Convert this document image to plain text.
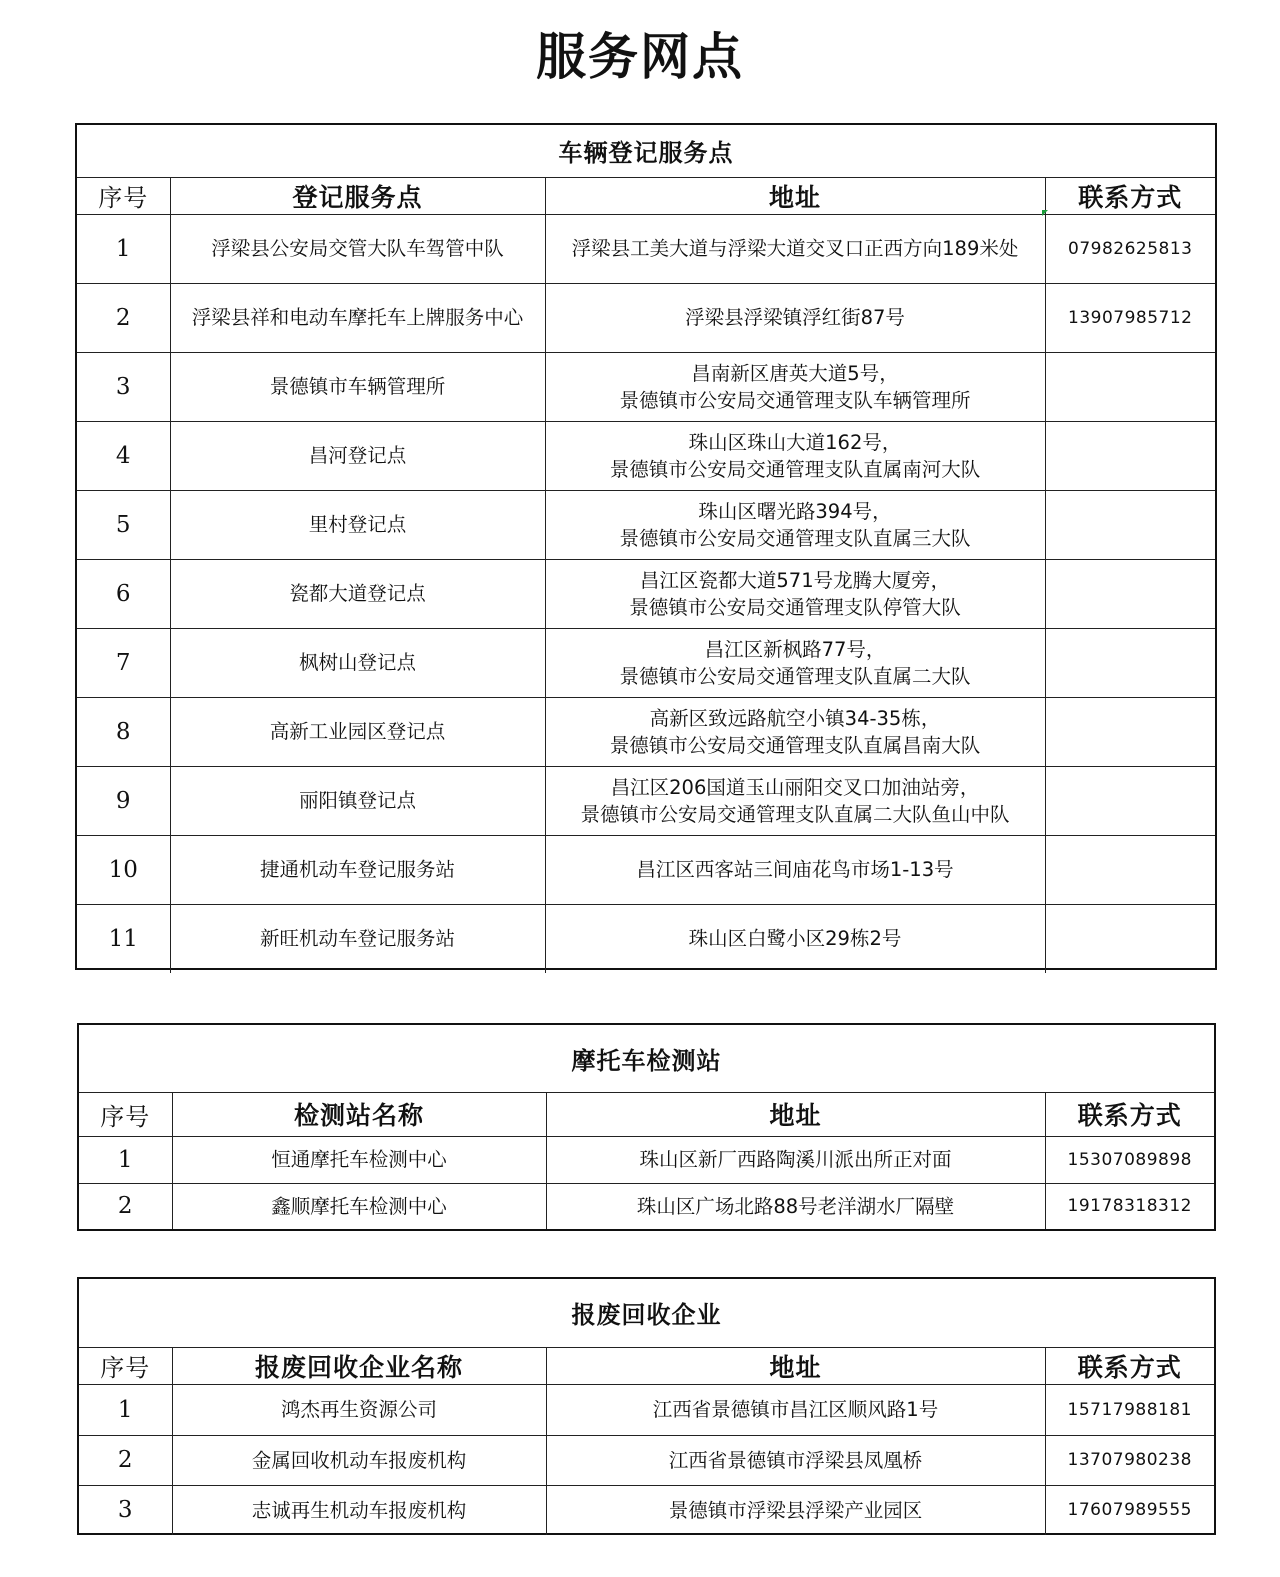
服务网点
车辆登记服务点			
序号	登记服务点	地址	联系方式
1	浮梁县公安局交管大队车驾管中队	浮梁县工美大道与浮梁大道交叉口正西方向189米处	07982625813
2	浮梁县祥和电动车摩托车上牌服务中心	浮梁县浮梁镇浮红街87号	13907985712
3	景德镇市车辆管理所	昌南新区唐英大道5号，
景德镇市公安局交通管理支队车辆管理所	

4	昌河登记点	珠山区珠山大道162号，
景德镇市公安局交通管理支队直属南河大队	

5	里村登记点	珠山区曙光路394号，
景德镇市公安局交通管理支队直属三大队	

6	瓷都大道登记点	昌江区瓷都大道571号龙腾大厦旁，
景德镇市公安局交通管理支队停管大队	

7	枫树山登记点	昌江区新枫路77号，
景德镇市公安局交通管理支队直属二大队	

8	高新工业园区登记点	高新区致远路航空小镇34-35栋，
景德镇市公安局交通管理支队直属昌南大队	

9	丽阳镇登记点	昌江区206国道玉山丽阳交叉口加油站旁，
景德镇市公安局交通管理支队直属二大队鱼山中队	

10	捷通机动车登记服务站	昌江区西客站三间庙花鸟市场1-13号	

11	新旺机动车登记服务站	珠山区白鹭小区29栋2号	

摩托车检测站			
序号	检测站名称	地址	联系方式
1	恒通摩托车检测中心	珠山区新厂西路陶溪川派出所正对面	15307089898
2	鑫顺摩托车检测中心	珠山区广场北路88号老洋湖水厂隔壁	19178318312
报废回收企业			
序号	报废回收企业名称	地址	联系方式
1	鸿杰再生资源公司	江西省景德镇市昌江区顺风路1号	15717988181
2	金属回收机动车报废机构	江西省景德镇市浮梁县凤凰桥	13707980238
3	志诚再生机动车报废机构	景德镇市浮梁县浮梁产业园区	17607989555
